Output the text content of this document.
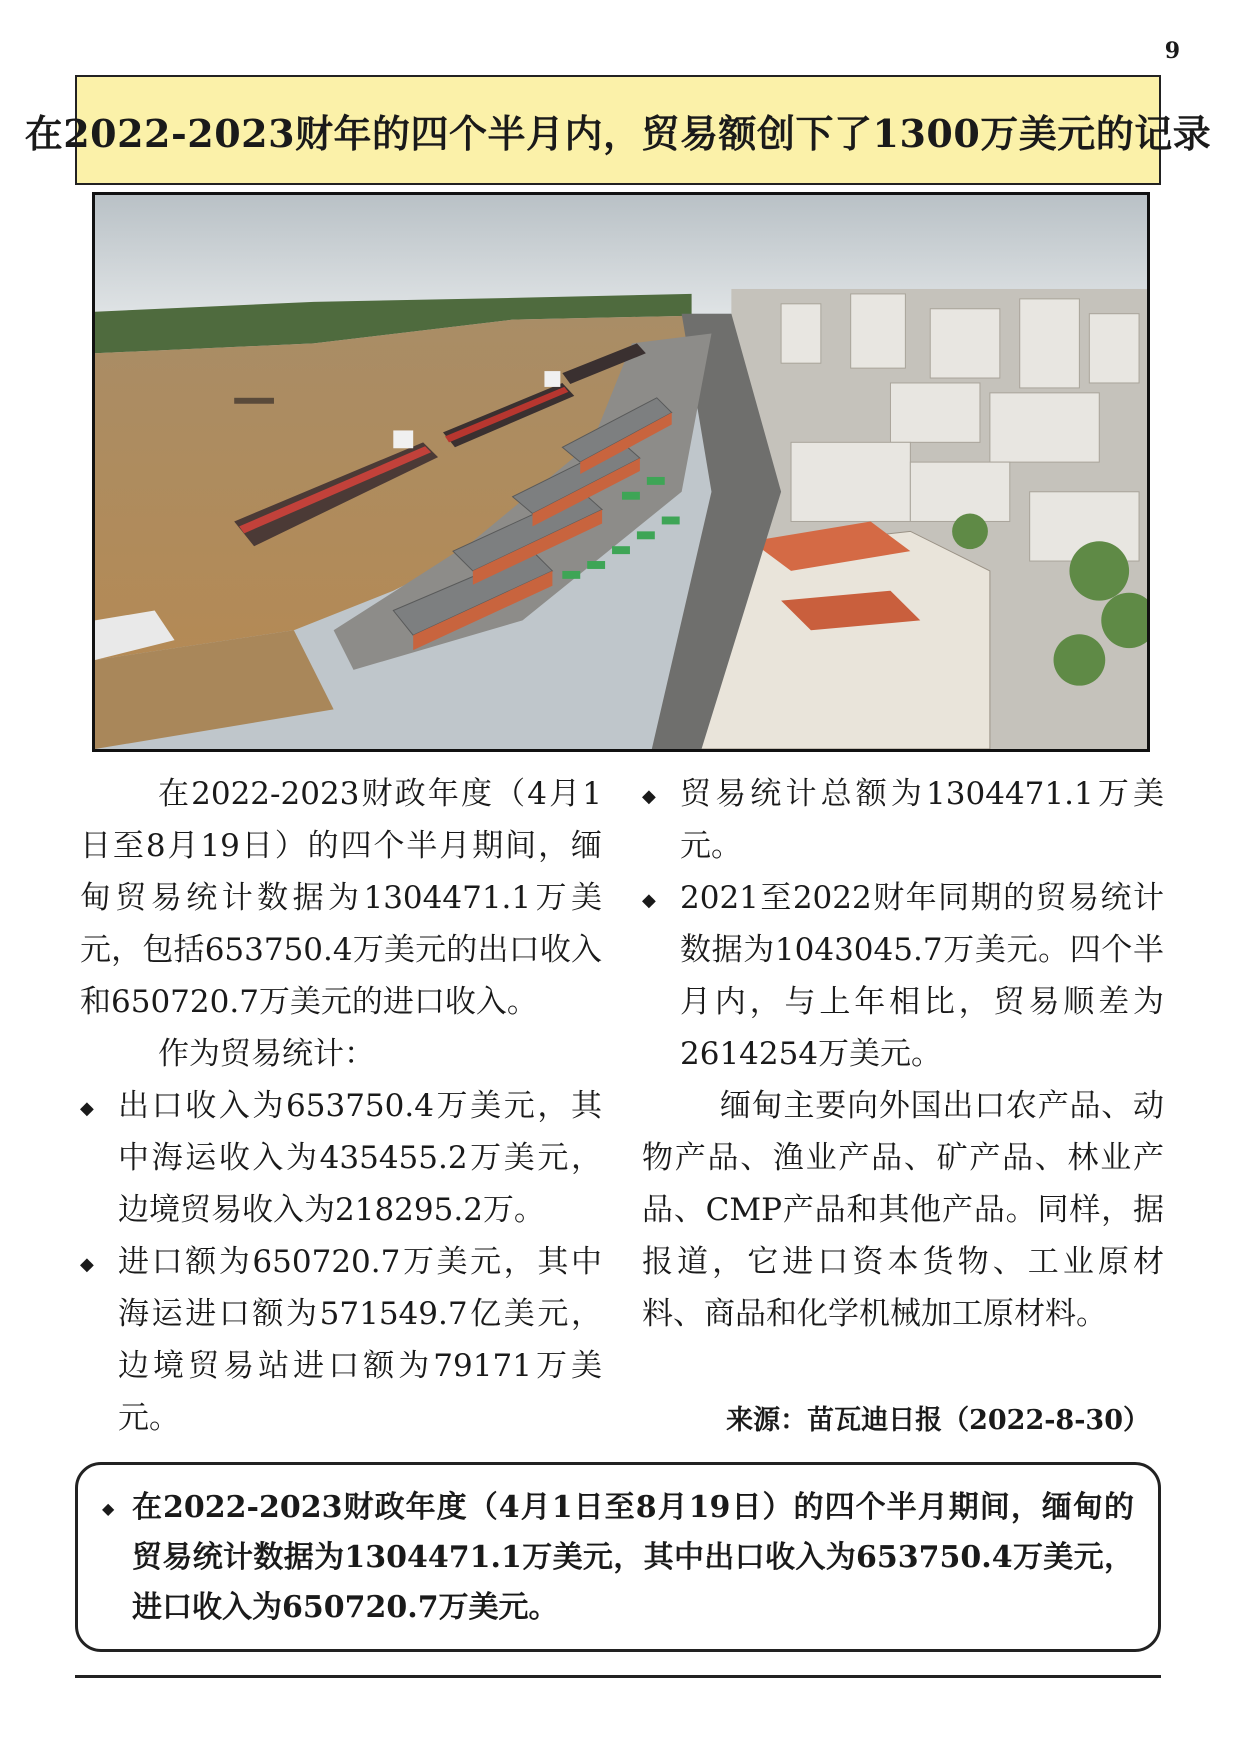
9
在2022-2023财年的四个半月内，贸易额创下了1300万美元的记录

在2022-2023财政年度（4月1日至8月19日）的四个半月期间，缅甸贸易统计数据为1304471.1万美元，包括653750.4万美元的出口收入和650720.7万美元的进口收入。

作为贸易统计：

◆ 出口收入为653750.4万美元，其中海运收入为435455.2万美元，边境贸易收入为218295.2万。
◆ 进口额为650720.7万美元，其中海运进口额为571549.7亿美元，边境贸易站进口额为79171万美元。
◆ 贸易统计总额为1304471.1万美元。
◆ 2021至2022财年同期的贸易统计数据为1043045.7万美元。四个半月内，与上年相比，贸易顺差为2614254万美元。

缅甸主要向外国出口农产品、动物产品、渔业产品、矿产品、林业产品、CMP产品和其他产品。同样，据报道，它进口资本货物、工业原材料、商品和化学机械加工原材料。

来源：苗瓦迪日报（2022-8-30）
◆ 在2022-2023财政年度（4月1日至8月19日）的四个半月期间，缅甸的贸易统计数据为1304471.1万美元，其中出口收入为653750.4万美元，进口收入为650720.7万美元。
